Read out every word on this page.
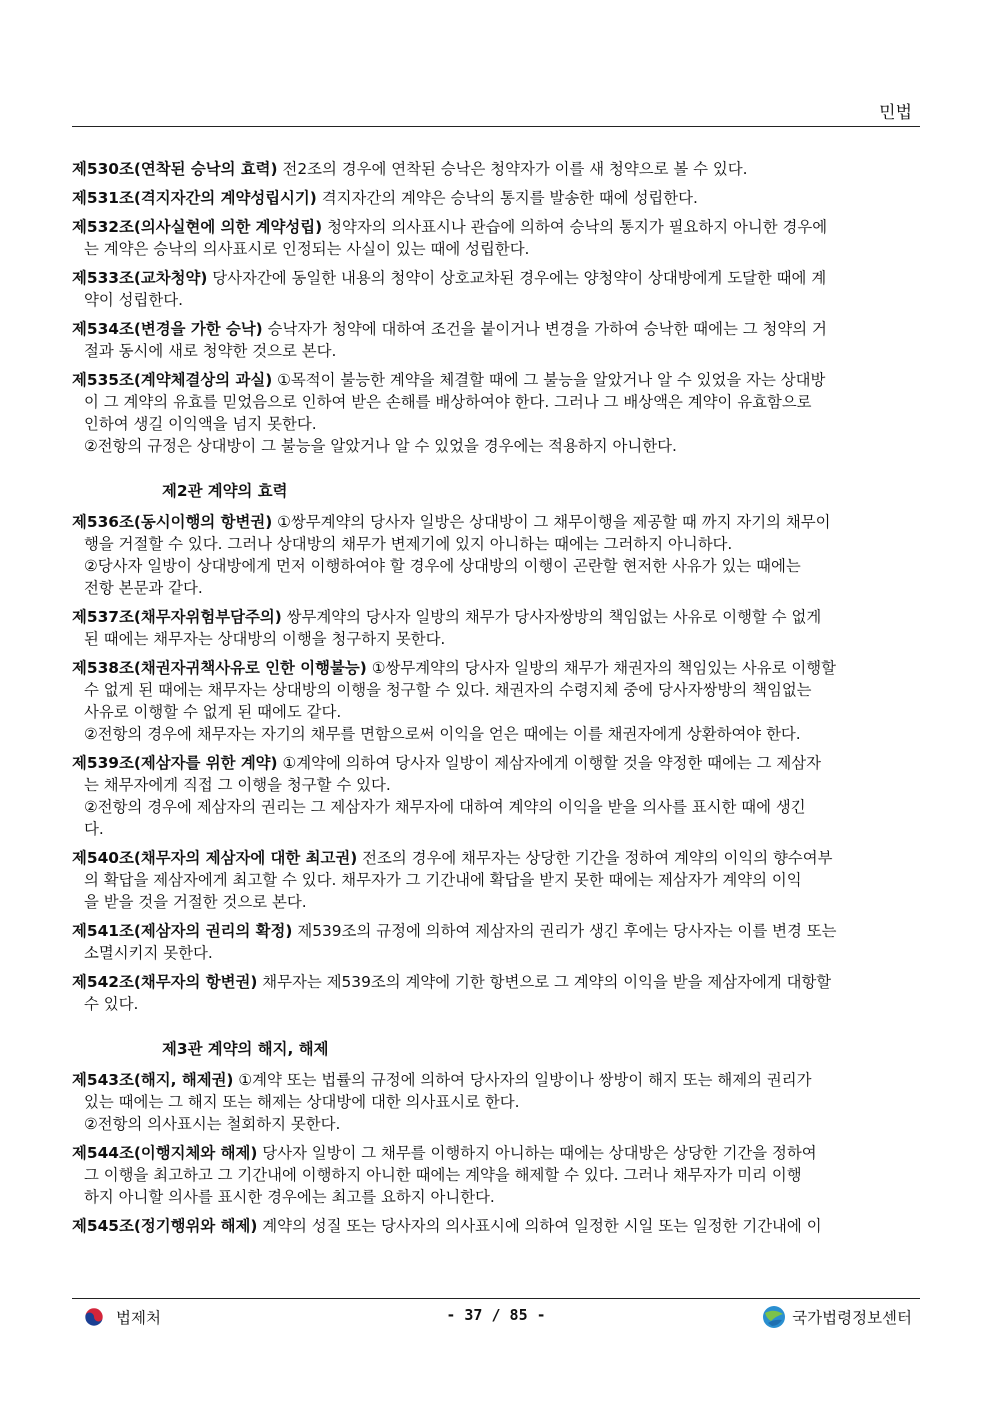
민법
제530조(연착된 승낙의 효력) 전2조의 경우에 연착된 승낙은 청약자가 이를 새 청약으로 볼 수 있다.
제531조(격지자간의 계약성립시기) 격지자간의 계약은 승낙의 통지를 발송한 때에 성립한다.
제532조(의사실현에 의한 계약성립) 청약자의 의사표시나 관습에 의하여 승낙의 통지가 필요하지 아니한 경우에
는 계약은 승낙의 의사표시로 인정되는 사실이 있는 때에 성립한다.
제533조(교차청약) 당사자간에 동일한 내용의 청약이 상호교차된 경우에는 양청약이 상대방에게 도달한 때에 계
약이 성립한다.
제534조(변경을 가한 승낙) 승낙자가 청약에 대하여 조건을 붙이거나 변경을 가하여 승낙한 때에는 그 청약의 거
절과 동시에 새로 청약한 것으로 본다.
제535조(계약체결상의 과실) ①목적이 불능한 계약을 체결할 때에 그 불능을 알았거나 알 수 있었을 자는 상대방
이 그 계약의 유효를 믿었음으로 인하여 받은 손해를 배상하여야 한다. 그러나 그 배상액은 계약이 유효함으로
인하여 생길 이익액을 넘지 못한다.
②전항의 규정은 상대방이 그 불능을 알았거나 알 수 있었을 경우에는 적용하지 아니한다.
제2관 계약의 효력
제536조(동시이행의 항변권) ①쌍무계약의 당사자 일방은 상대방이 그 채무이행을 제공할 때 까지 자기의 채무이
행을 거절할 수 있다. 그러나 상대방의 채무가 변제기에 있지 아니하는 때에는 그러하지 아니하다.
②당사자 일방이 상대방에게 먼저 이행하여야 할 경우에 상대방의 이행이 곤란할 현저한 사유가 있는 때에는
전항 본문과 같다.
제537조(채무자위험부담주의) 쌍무계약의 당사자 일방의 채무가 당사자쌍방의 책임없는 사유로 이행할 수 없게
된 때에는 채무자는 상대방의 이행을 청구하지 못한다.
제538조(채권자귀책사유로 인한 이행불능) ①쌍무계약의 당사자 일방의 채무가 채권자의 책임있는 사유로 이행할
수 없게 된 때에는 채무자는 상대방의 이행을 청구할 수 있다. 채권자의 수령지체 중에 당사자쌍방의 책임없는
사유로 이행할 수 없게 된 때에도 같다.
②전항의 경우에 채무자는 자기의 채무를 면함으로써 이익을 얻은 때에는 이를 채권자에게 상환하여야 한다.
제539조(제삼자를 위한 계약) ①계약에 의하여 당사자 일방이 제삼자에게 이행할 것을 약정한 때에는 그 제삼자
는 채무자에게 직접 그 이행을 청구할 수 있다.
②전항의 경우에 제삼자의 권리는 그 제삼자가 채무자에 대하여 계약의 이익을 받을 의사를 표시한 때에 생긴
다.
제540조(채무자의 제삼자에 대한 최고권) 전조의 경우에 채무자는 상당한 기간을 정하여 계약의 이익의 향수여부
의 확답을 제삼자에게 최고할 수 있다. 채무자가 그 기간내에 확답을 받지 못한 때에는 제삼자가 계약의 이익
을 받을 것을 거절한 것으로 본다.
제541조(제삼자의 권리의 확정) 제539조의 규정에 의하여 제삼자의 권리가 생긴 후에는 당사자는 이를 변경 또는
소멸시키지 못한다.
제542조(채무자의 항변권) 채무자는 제539조의 계약에 기한 항변으로 그 계약의 이익을 받을 제삼자에게 대항할
수 있다.
제3관 계약의 해지, 해제
제543조(해지, 해제권) ①계약 또는 법률의 규정에 의하여 당사자의 일방이나 쌍방이 해지 또는 해제의 권리가
있는 때에는 그 해지 또는 해제는 상대방에 대한 의사표시로 한다.
②전항의 의사표시는 철회하지 못한다.
제544조(이행지체와 해제) 당사자 일방이 그 채무를 이행하지 아니하는 때에는 상대방은 상당한 기간을 정하여
그 이행을 최고하고 그 기간내에 이행하지 아니한 때에는 계약을 해제할 수 있다. 그러나 채무자가 미리 이행
하지 아니할 의사를 표시한 경우에는 최고를 요하지 아니한다.
제545조(정기행위와 해제) 계약의 성질 또는 당사자의 의사표시에 의하여 일정한 시일 또는 일정한 기간내에 이
법제처	- 37 / 85 -	국가법령정보센터
